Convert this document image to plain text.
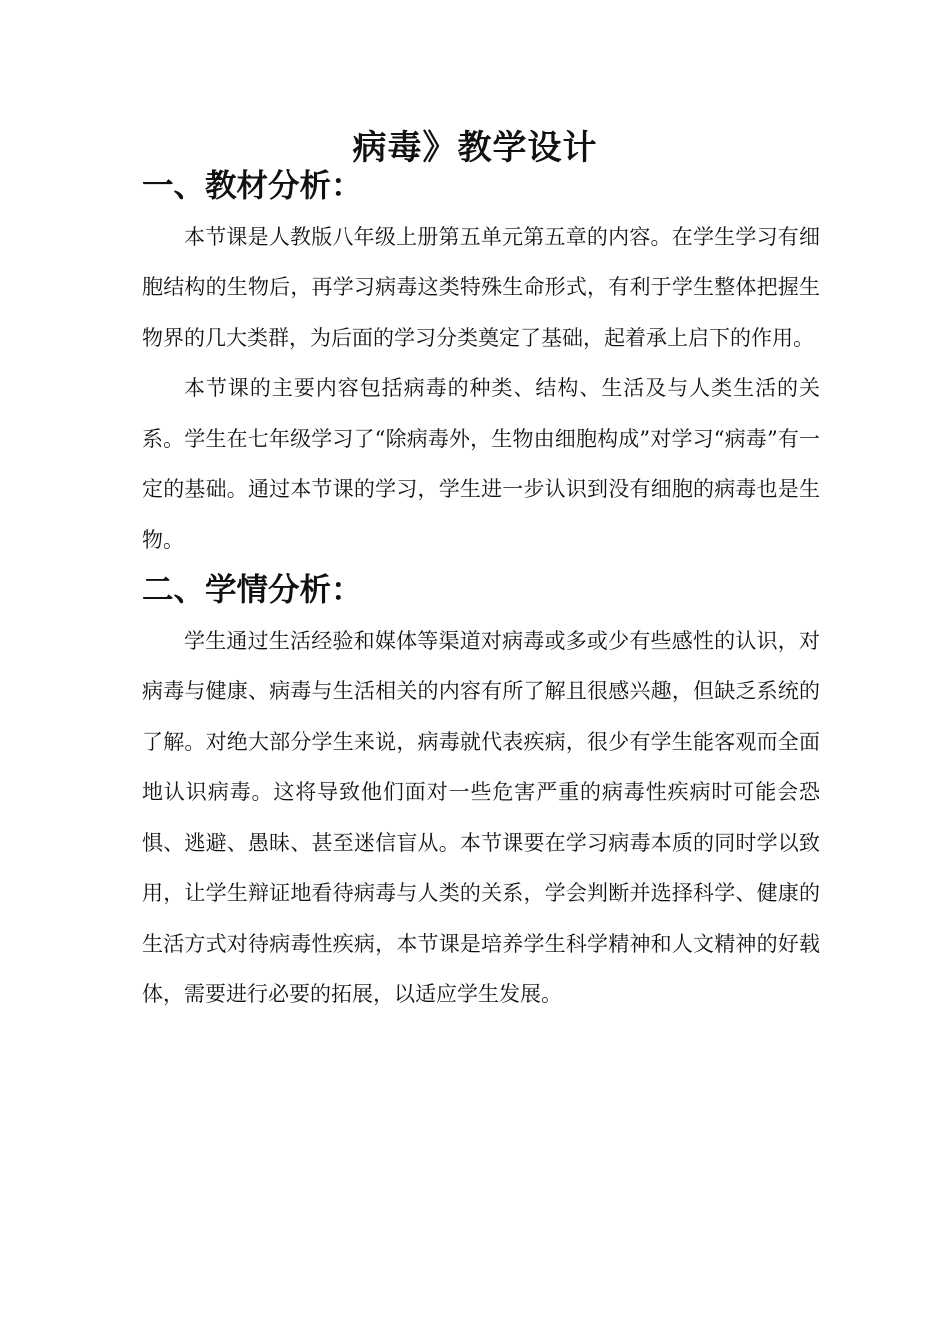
病毒》教学设计
一、教材分析：

本节课是人教版八年级上册第五单元第五章的内容。在学生学习有细胞结构的生物后，再学习病毒这类特殊生命形式，有利于学生整体把握生物界的几大类群，为后面的学习分类奠定了基础，起着承上启下的作用。

本节课的主要内容包括病毒的种类、结构、生活及与人类生活的关系。学生在七年级学习了“除病毒外，生物由细胞构成”对学习“病毒”有一定的基础。通过本节课的学习，学生进一步认识到没有细胞的病毒也是生物。

二、学情分析：

学生通过生活经验和媒体等渠道对病毒或多或少有些感性的认识，对病毒与健康、病毒与生活相关的内容有所了解且很感兴趣，但缺乏系统的了解。对绝大部分学生来说，病毒就代表疾病，很少有学生能客观而全面地认识病毒。这将导致他们面对一些危害严重的病毒性疾病时可能会恐惧、逃避、愚昧、甚至迷信盲从。本节课要在学习病毒本质的同时学以致用，让学生辩证地看待病毒与人类的关系，学会判断并选择科学、健康的生活方式对待病毒性疾病，本节课是培养学生科学精神和人文精神的好载体，需要进行必要的拓展，以适应学生发展。
